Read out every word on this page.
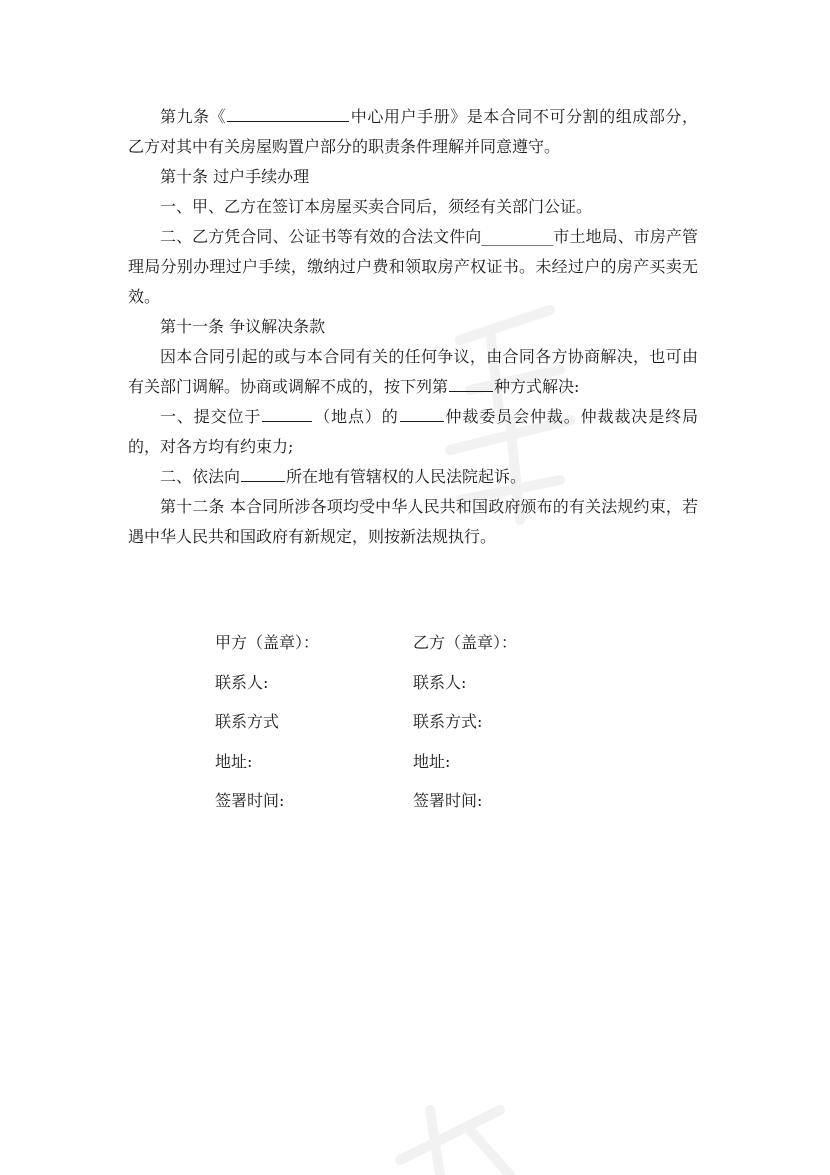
第九条《	中心用户手册》是本合同不可分割的组成部分，乙方对其中有关房屋购置户部分的职责条件理解并同意遵守。

第十条 过户手续办理

一、甲、乙方在签订本房屋买卖合同后，须经有关部门公证。

二、乙方凭合同、公证书等有效的合法文件向_________市土地局、市房产管理局分别办理过户手续，缴纳过户费和领取房产权证书。未经过户的房产买卖无效。

第十一条 争议解决条款

因本合同引起的或与本合同有关的任何争议，由合同各方协商解决，也可由有关部门调解。协商或调解不成的，按下列第	种方式解决:

一、提交位于	（地点）的	仲裁委员会仲裁。仲裁裁决是终局的，对各方均有约束力;

二、依法向	所在地有管辖权的人民法院起诉。

第十二条 本合同所涉各项均受中华人民共和国政府颁布的有关法规约束，若遇中华人民共和国政府有新规定，则按新法规执行。

甲方（盖章）：	乙方（盖章）：
联系人:	联系人:
联系方式	联系方式:
地址:	地址:
签署时间:	签署时间:
